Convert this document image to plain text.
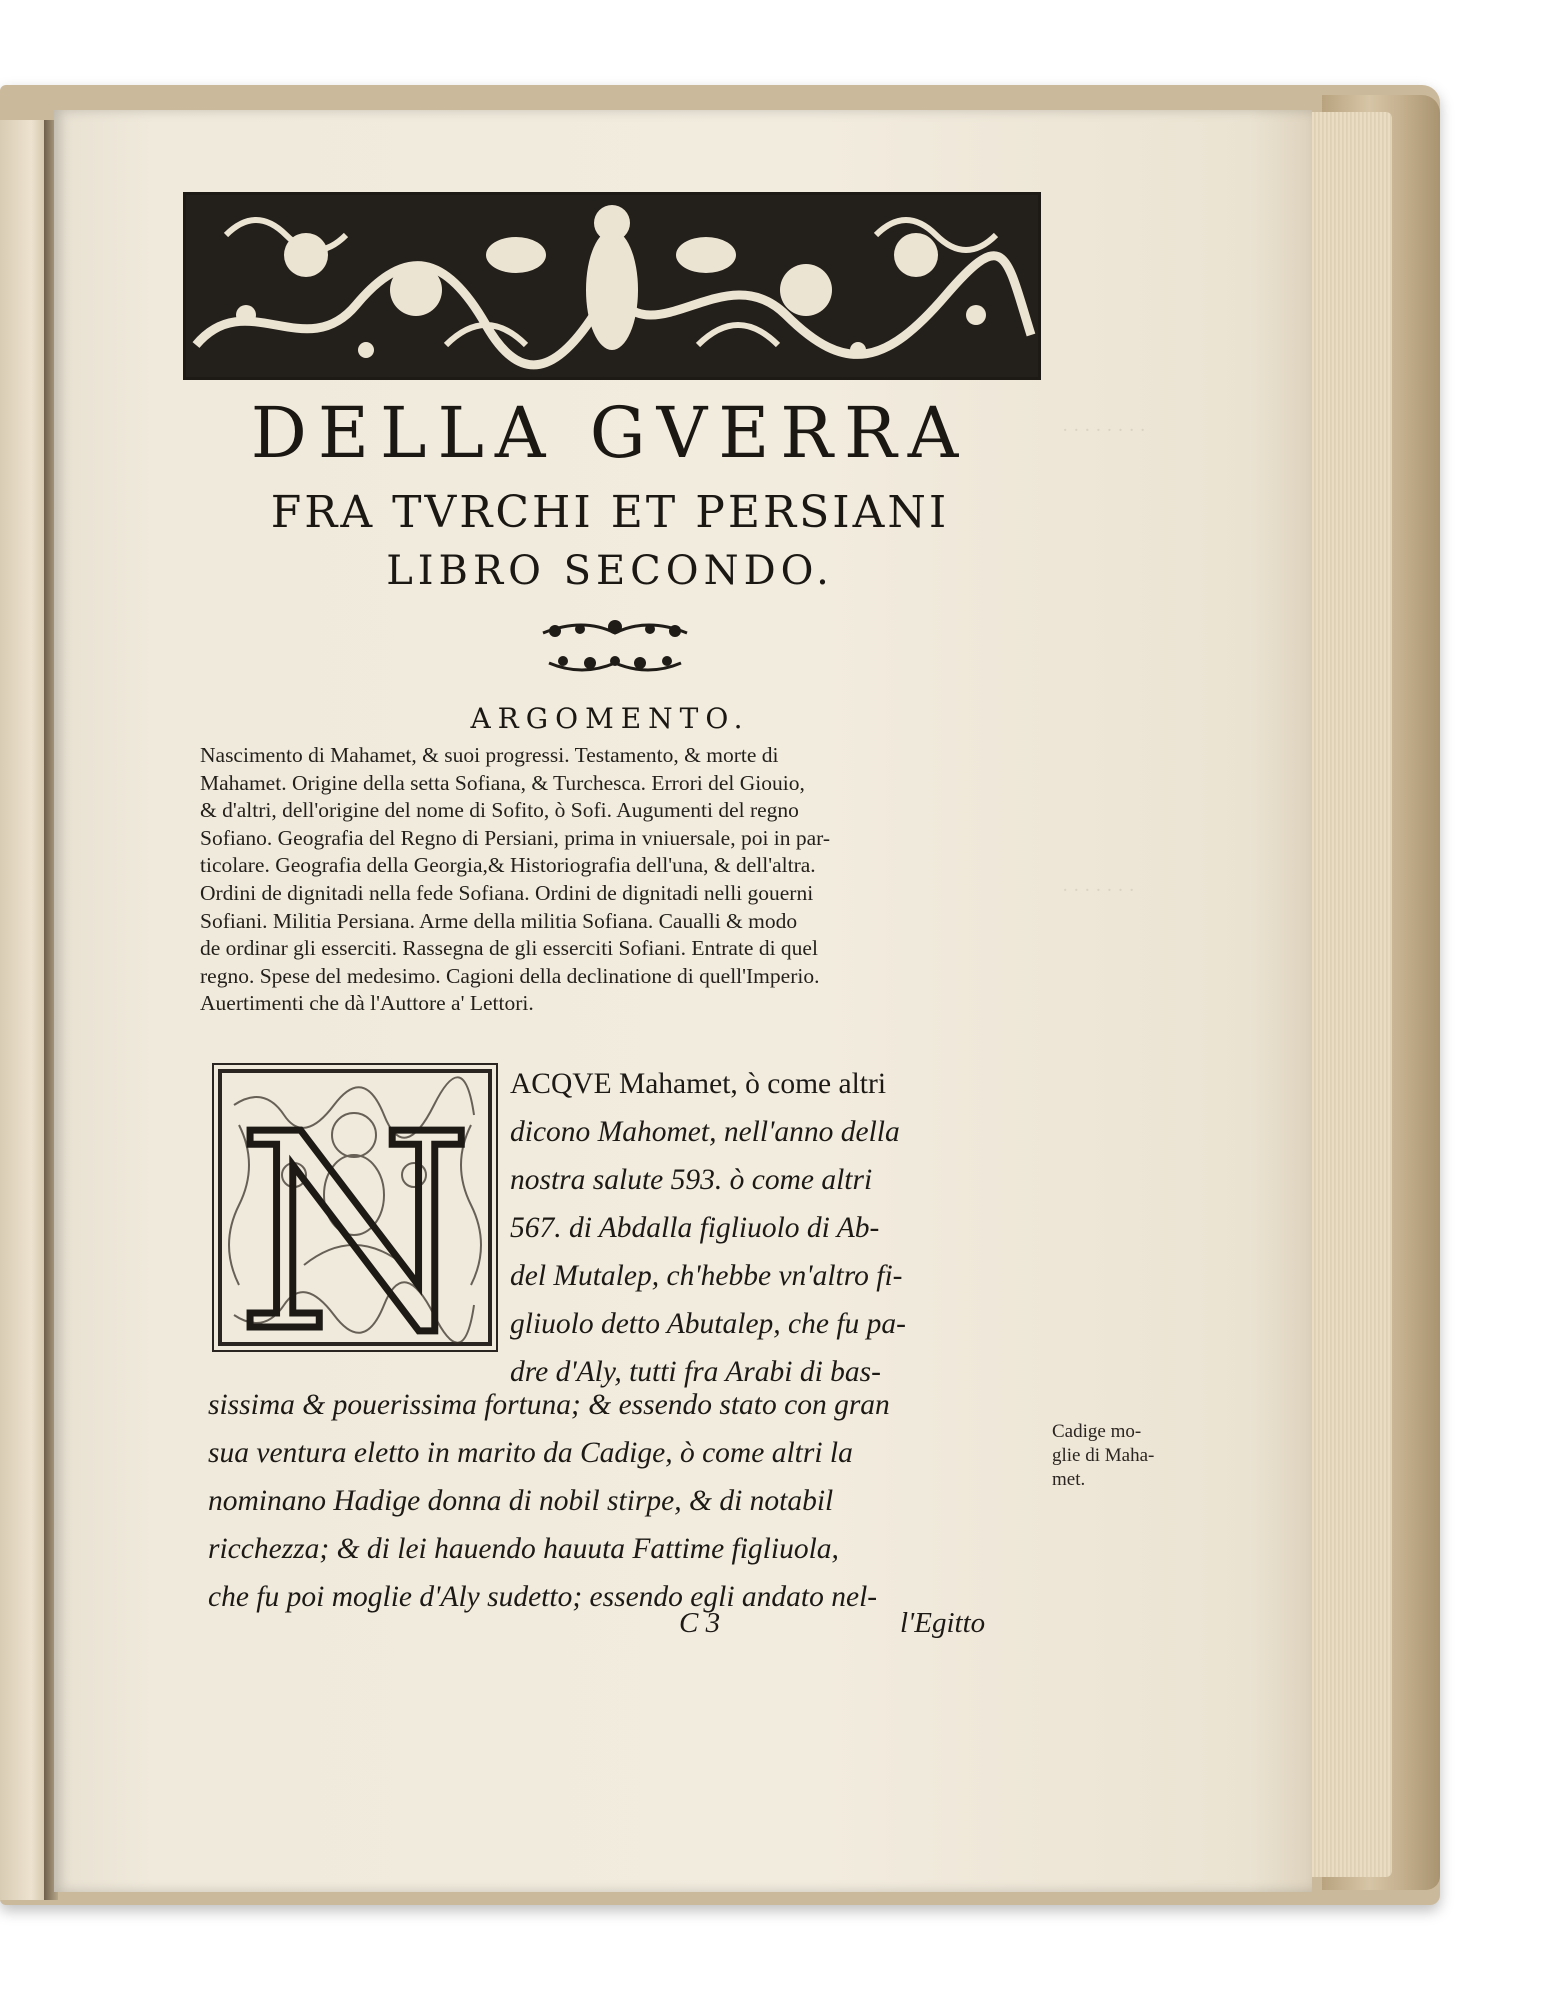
· · · · · · · ·
· · · · · · ·
DELLA GVERRA
FRA TVRCHI ET PERSIANI
LIBRO SECONDO.
ARGOMENTO.
Nascimento di Mahamet, & suoi progressi. Testamento, & morte di
Mahamet. Origine della setta Sofiana, & Turchesca. Errori del Giouio,
& d'altri, dell'origine del nome di Sofito, ò Sofi. Augumenti del regno
Sofiano. Geografia del Regno di Persiani, prima in vniuersale, poi in par-
ticolare. Geografia della Georgia,& Historiografia dell'una, & dell'altra.
Ordini de dignitadi nella fede Sofiana. Ordini de dignitadi nelli gouerni
Sofiani. Militia Persiana. Arme della militia Sofiana. Caualli & modo
de ordinar gli esserciti. Rassegna de gli esserciti Sofiani. Entrate di quel
regno. Spese del medesimo. Cagioni della declinatione di quell'Imperio.
Auertimenti che dà l'Auttore a' Lettori.
N ACQVE Mahamet, ò come altri
dicono Mahomet, nell'anno della
nostra salute 593. ò come altri
567. di Abdalla figliuolo di Ab-
del Mutalep, ch'hebbe vn'altro fi-
gliuolo detto Abutalep, che fu pa-
dre d'Aly, tutti fra Arabi di bas-
sissima & pouerissima fortuna; & essendo stato con gran
sua ventura eletto in marito da Cadige, ò come altri la
nominano Hadige donna di nobil stirpe, & di notabil
ricchezza; & di lei hauendo hauuta Fattime figliuola,
che fu poi moglie d'Aly sudetto; essendo egli andato nel-
Cadige mo-
glie di Maha-
met.
C 3	l'Egitto
